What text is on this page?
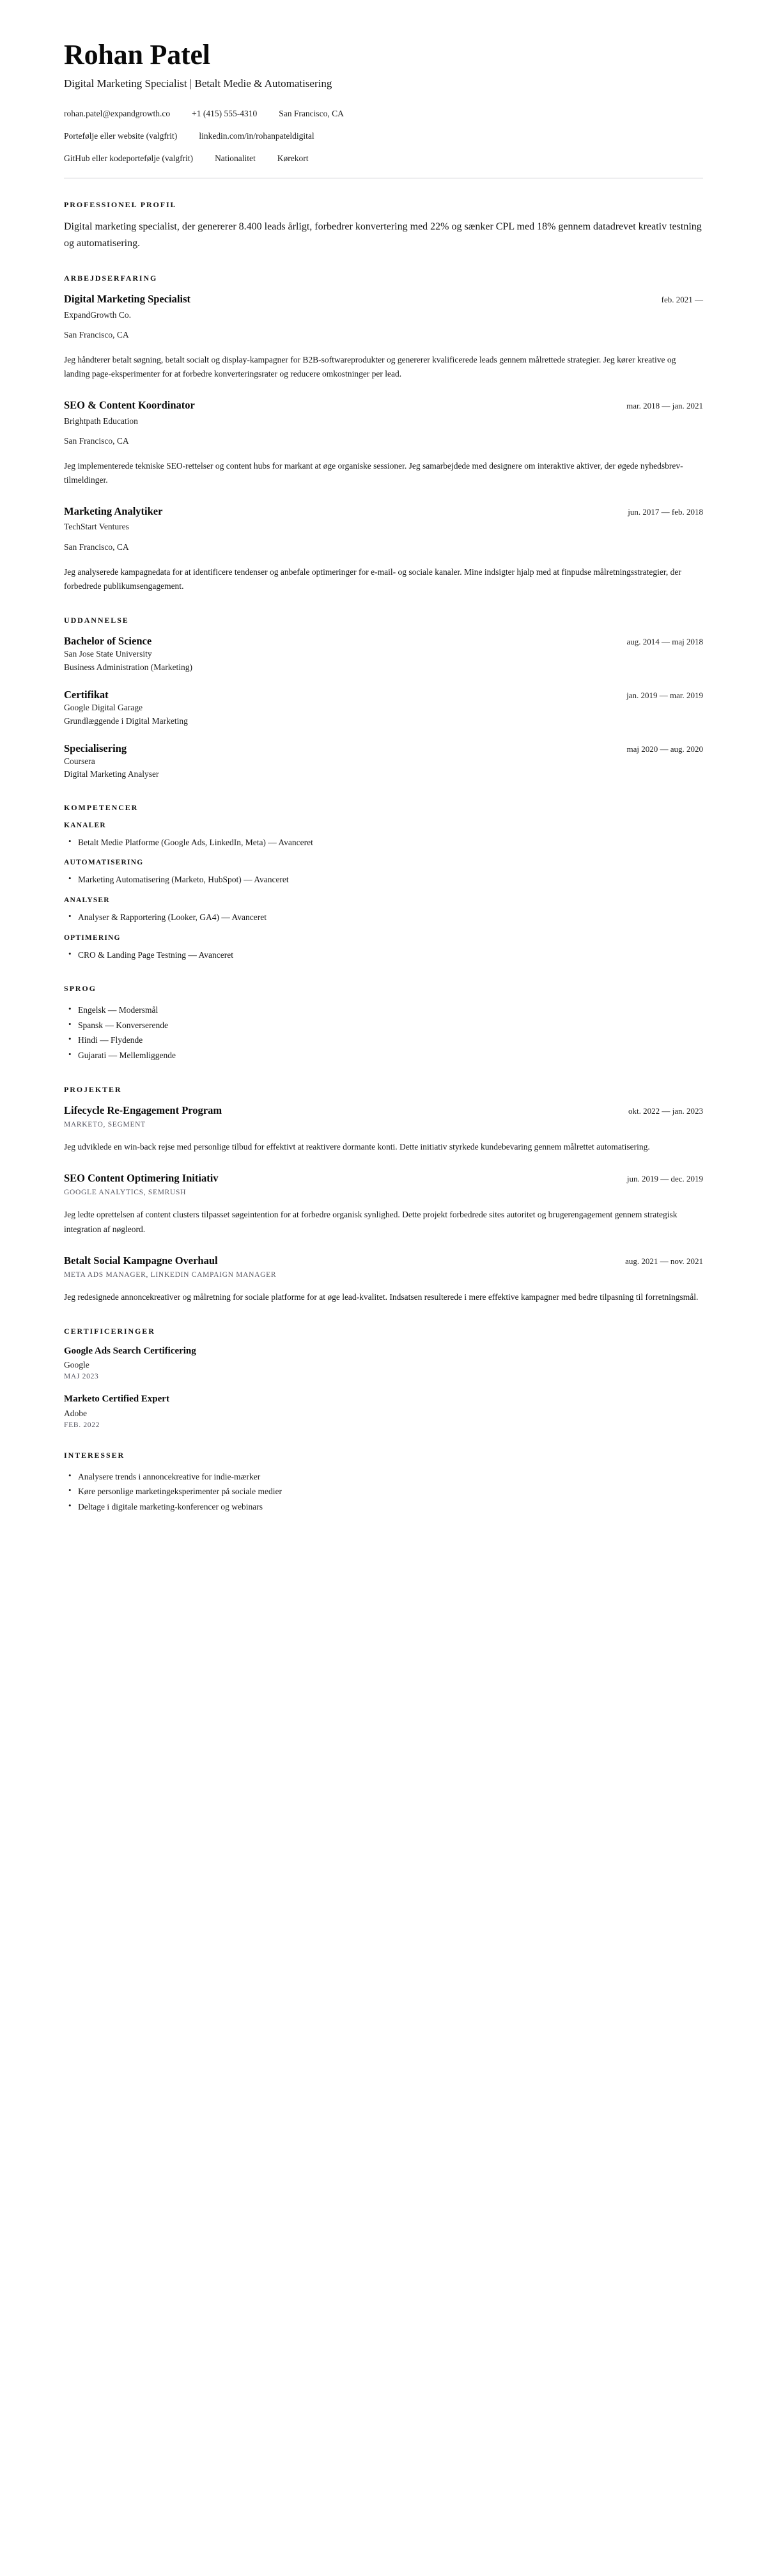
Rohan Patel
Digital Marketing Specialist | Betalt Medie & Automatisering
rohan.patel@expandgrowth.co	+1 (415) 555-4310	San Francisco, CA
Portefølje eller website (valgfrit)	linkedin.com/in/rohanpateldigital
GitHub eller kodeportefølje (valgfrit)	Nationalitet	Kørekort
PROFESSIONEL PROFIL

Digital marketing specialist, der genererer 8.400 leads årligt, forbedrer konvertering med 22% og sænker CPL med 18% gennem datadrevet kreativ testning og automatisering.

ARBEJDSERFARING
Digital Marketing Specialist	feb. 2021 —
ExpandGrowth Co.
San Francisco, CA
Jeg håndterer betalt søgning, betalt socialt og display-kampagner for B2B-softwareprodukter og genererer kvalificerede leads gennem målrettede strategier. Jeg kører kreative og landing page-eksperimenter for at forbedre konverteringsrater og reducere omkostninger per lead.
SEO & Content Koordinator	mar. 2018 — jan. 2021
Brightpath Education
San Francisco, CA
Jeg implementerede tekniske SEO-rettelser og content hubs for markant at øge organiske sessioner. Jeg samarbejdede med designere om interaktive aktiver, der øgede nyhedsbrev-tilmeldinger.
Marketing Analytiker	jun. 2017 — feb. 2018
TechStart Ventures
San Francisco, CA
Jeg analyserede kampagnedata for at identificere tendenser og anbefale optimeringer for e-mail- og sociale kanaler. Mine indsigter hjalp med at finpudse målretningsstrategier, der forbedrede publikumsengagement.
UDDANNELSE
Bachelor of Science	aug. 2014 — maj 2018
San Jose State University
Business Administration (Marketing)
Certifikat	jan. 2019 — mar. 2019
Google Digital Garage
Grundlæggende i Digital Marketing
Specialisering	maj 2020 — aug. 2020
Coursera
Digital Marketing Analyser
KOMPETENCER
KANALER
• Betalt Medie Platforme (Google Ads, LinkedIn, Meta) — Avanceret
AUTOMATISERING
• Marketing Automatisering (Marketo, HubSpot) — Avanceret
ANALYSER
• Analyser & Rapportering (Looker, GA4) — Avanceret
OPTIMERING
• CRO & Landing Page Testning — Avanceret
SPROG
• Engelsk — Modersmål
• Spansk — Konverserende
• Hindi — Flydende
• Gujarati — Mellemliggende
PROJEKTER
Lifecycle Re-Engagement Program	okt. 2022 — jan. 2023
MARKETO, SEGMENT
Jeg udviklede en win-back rejse med personlige tilbud for effektivt at reaktivere dormante konti. Dette initiativ styrkede kundebevaring gennem målrettet automatisering.
SEO Content Optimering Initiativ	jun. 2019 — dec. 2019
GOOGLE ANALYTICS, SEMRUSH
Jeg ledte oprettelsen af content clusters tilpasset søgeintention for at forbedre organisk synlighed. Dette projekt forbedrede sites autoritet og brugerengagement gennem strategisk integration af nøgleord.
Betalt Social Kampagne Overhaul	aug. 2021 — nov. 2021
META ADS MANAGER, LINKEDIN CAMPAIGN MANAGER
Jeg redesignede annoncekreativer og målretning for sociale platforme for at øge lead-kvalitet. Indsatsen resulterede i mere effektive kampagner med bedre tilpasning til forretningsmål.
CERTIFICERINGER
Google Ads Search Certificering
Google
MAJ 2023
Marketo Certified Expert
Adobe
FEB. 2022
INTERESSER
• Analysere trends i annoncekreative for indie-mærker
• Køre personlige marketingeksperimenter på sociale medier
• Deltage i digitale marketing-konferencer og webinars
